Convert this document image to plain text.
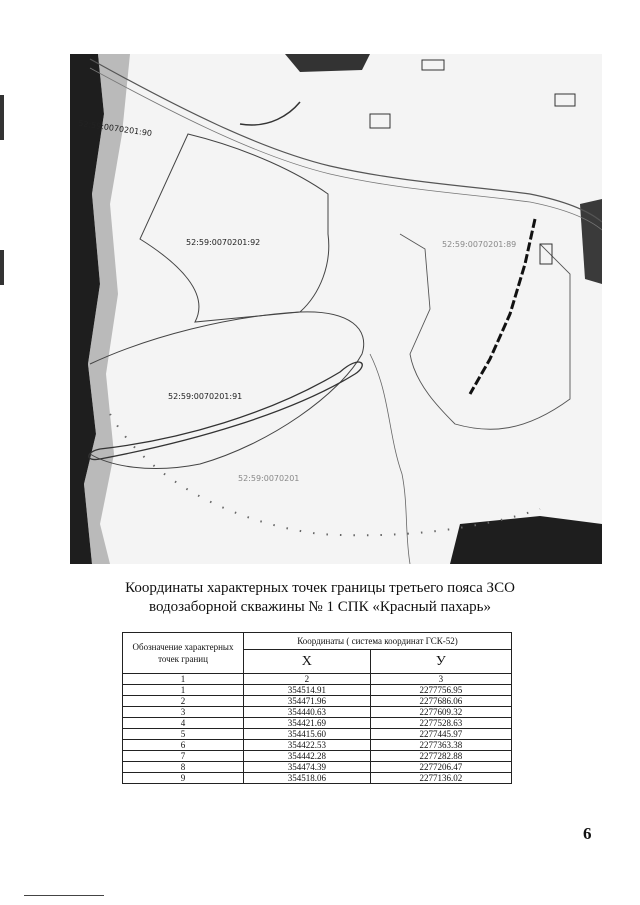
52:59:0070201:90
52:59:0070201:92	52:59:0070201:89
52:59:0070201:91
52:59:0070201
Координаты характерных точек границы третьего пояса ЗСО
водозаборной скважины № 1 СПК «Красный пахарь»
Обозначение характерных точек границ	Координаты ( система координат ГСК-52)	
	Х	У
1	2	3
1	354514.91	2277756.95
2	354471.96	2277686.06
3	354440.63	2277609.32
4	354421.69	2277528.63
5	354415.60	2277445.97
6	354422.53	2277363.38
7	354442.28	2277282.88
8	354474.39	2277206.47
9	354518.06	2277136.02
6
